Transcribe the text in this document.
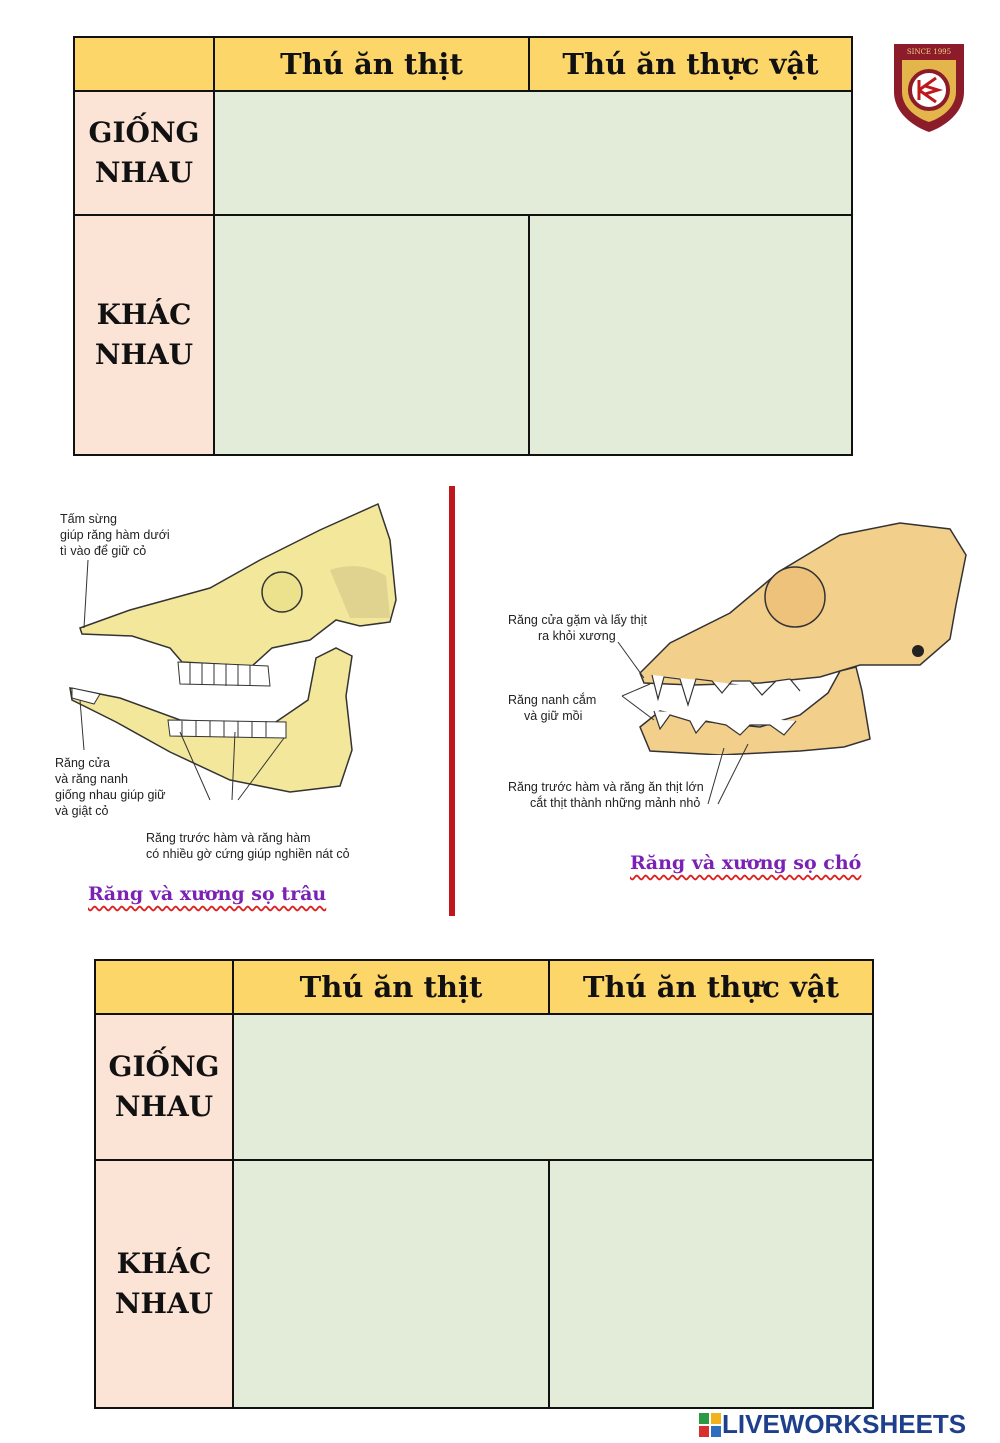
	Thú ăn thịt	Thú ăn thực vật

GIỐNG
NHAU		

KHÁC
NHAU		

SINCE 1995
Tấm sừng
giúp răng hàm dưới
tì vào để giữ cỏ
Răng cửa
và răng nanh
giống nhau giúp giữ
và giật cỏ
Răng trước hàm và răng hàm
có nhiều gờ cứng giúp nghiền nát cỏ
Răng và xương sọ trâu
Răng cửa gặm và lấy thịt
ra khỏi xương
Răng nanh cắm
và giữ mồi
Răng trước hàm và răng ăn thịt lớn
cắt thịt thành những mảnh nhỏ
Răng và xương sọ chó
	Thú ăn thịt	Thú ăn thực vật

GIỐNG
NHAU		

KHÁC
NHAU		

LIVEWORKSHEETS
